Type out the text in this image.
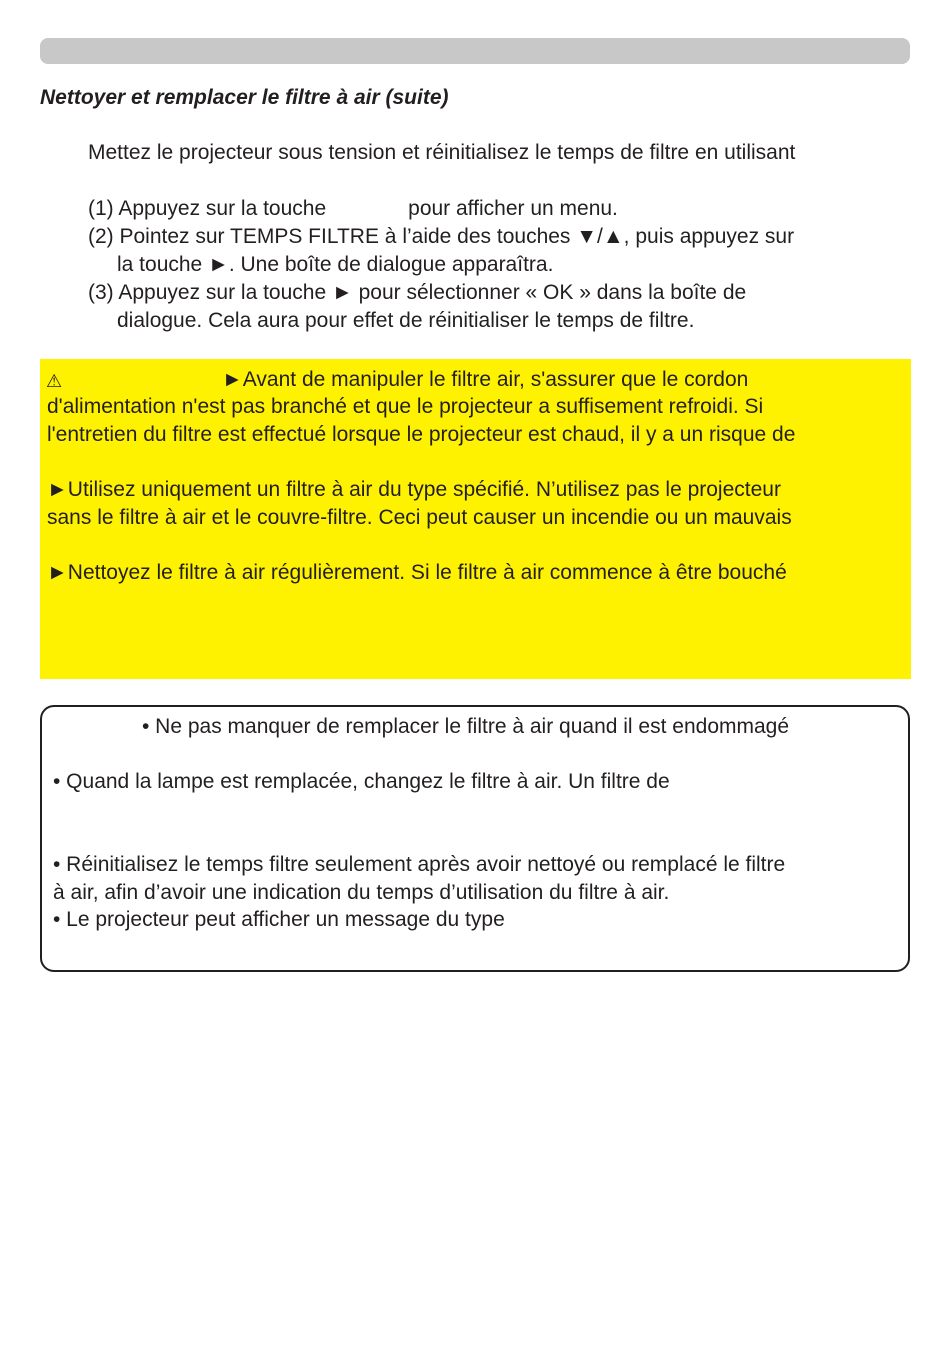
Nettoyer et remplacer le filtre à air (suite)
Mettez le projecteur sous tension et réinitialisez le temps de filtre en utilisant
(1) Appuyez sur la touche	pour afficher un menu.
(2) Pointez sur TEMPS FILTRE à l’aide des touches ▼/▲, puis appuyez sur
la touche ►. Une boîte de dialogue apparaîtra.
(3) Appuyez sur la touche ► pour sélectionner « OK » dans la boîte de
dialogue. Cela aura pour effet de réinitialiser le temps de filtre.
⚠	►Avant de manipuler le filtre air, s'assurer que le cordon
d'alimentation n'est pas branché et que le projecteur a suffisement refroidi. Si
l'entretien du filtre est effectué lorsque le projecteur est chaud, il y a un risque de
►Utilisez uniquement un filtre à air du type spécifié. N’utilisez pas le projecteur
sans le filtre à air et le couvre-filtre. Ceci peut causer un incendie ou un mauvais
►Nettoyez le filtre à air régulièrement. Si le filtre à air commence à être bouché
• Ne pas manquer de remplacer le filtre à air quand il est endommagé
• Quand la lampe est remplacée, changez le filtre à air. Un filtre de
• Réinitialisez le temps filtre seulement après avoir nettoyé ou remplacé le filtre
à air, afin d’avoir une indication du temps d’utilisation du filtre à air.
• Le projecteur peut afficher un message du type
